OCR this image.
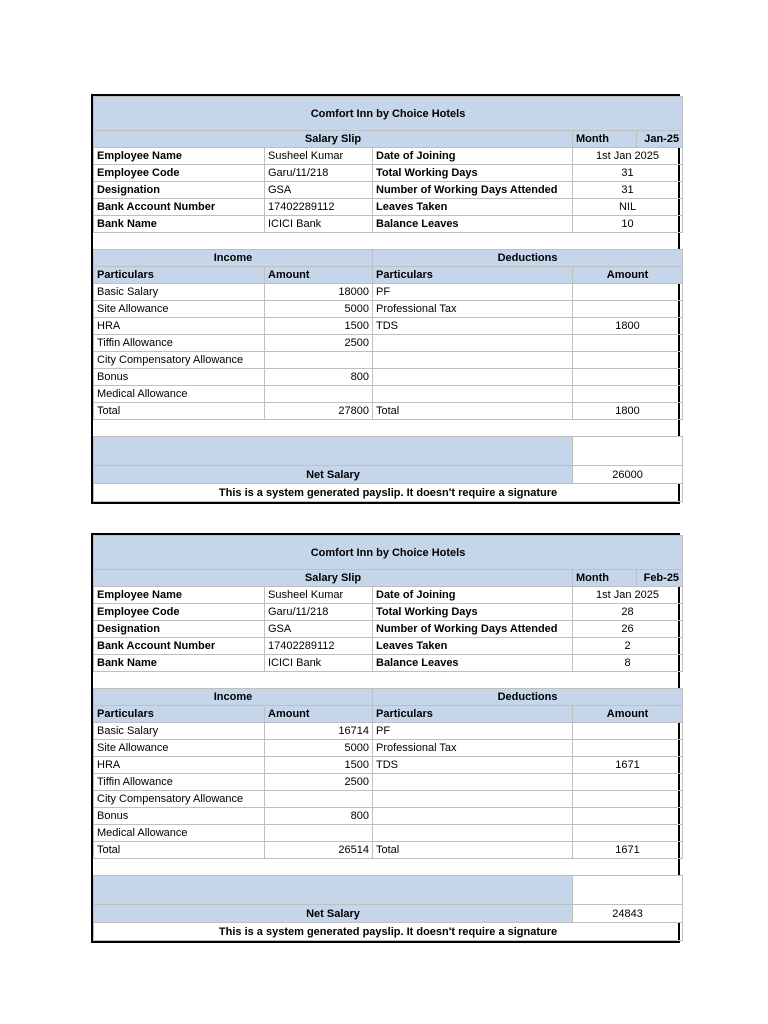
Comfort Inn by Choice Hotels				
Salary Slip			Month	Jan-25
Employee Name	Susheel Kumar	Date of Joining	1st Jan 2025	
Employee Code	Garu/11/218	Total Working Days	31	
Designation	GSA	Number of Working Days Attended	31	
Bank Account Number	17402289112	Leaves Taken	NIL	
Bank Name	ICICI Bank	Balance Leaves	10	

Income		Deductions		
Particulars	Amount	Particulars	Amount	
Basic Salary	18000	PF		
Site Allowance	5000	Professional Tax		
HRA	1500	TDS	1800	
Tiffin Allowance	2500			
City Compensatory Allowance				
Bonus	800			
Medical Allowance				
Total	27800	Total	1800	

Net Salary			26000	
This is a system generated payslip. It doesn't require a signature				
Comfort Inn by Choice Hotels				
Salary Slip			Month	Feb-25
Employee Name	Susheel Kumar	Date of Joining	1st Jan 2025	
Employee Code	Garu/11/218	Total Working Days	28	
Designation	GSA	Number of Working Days Attended	26	
Bank Account Number	17402289112	Leaves Taken	2	
Bank Name	ICICI Bank	Balance Leaves	8	

Income		Deductions		
Particulars	Amount	Particulars	Amount	
Basic Salary	16714	PF		
Site Allowance	5000	Professional Tax		
HRA	1500	TDS	1671	
Tiffin Allowance	2500			
City Compensatory Allowance				
Bonus	800			
Medical Allowance				
Total	26514	Total	1671	

Net Salary			24843	
This is a system generated payslip. It doesn't require a signature				
